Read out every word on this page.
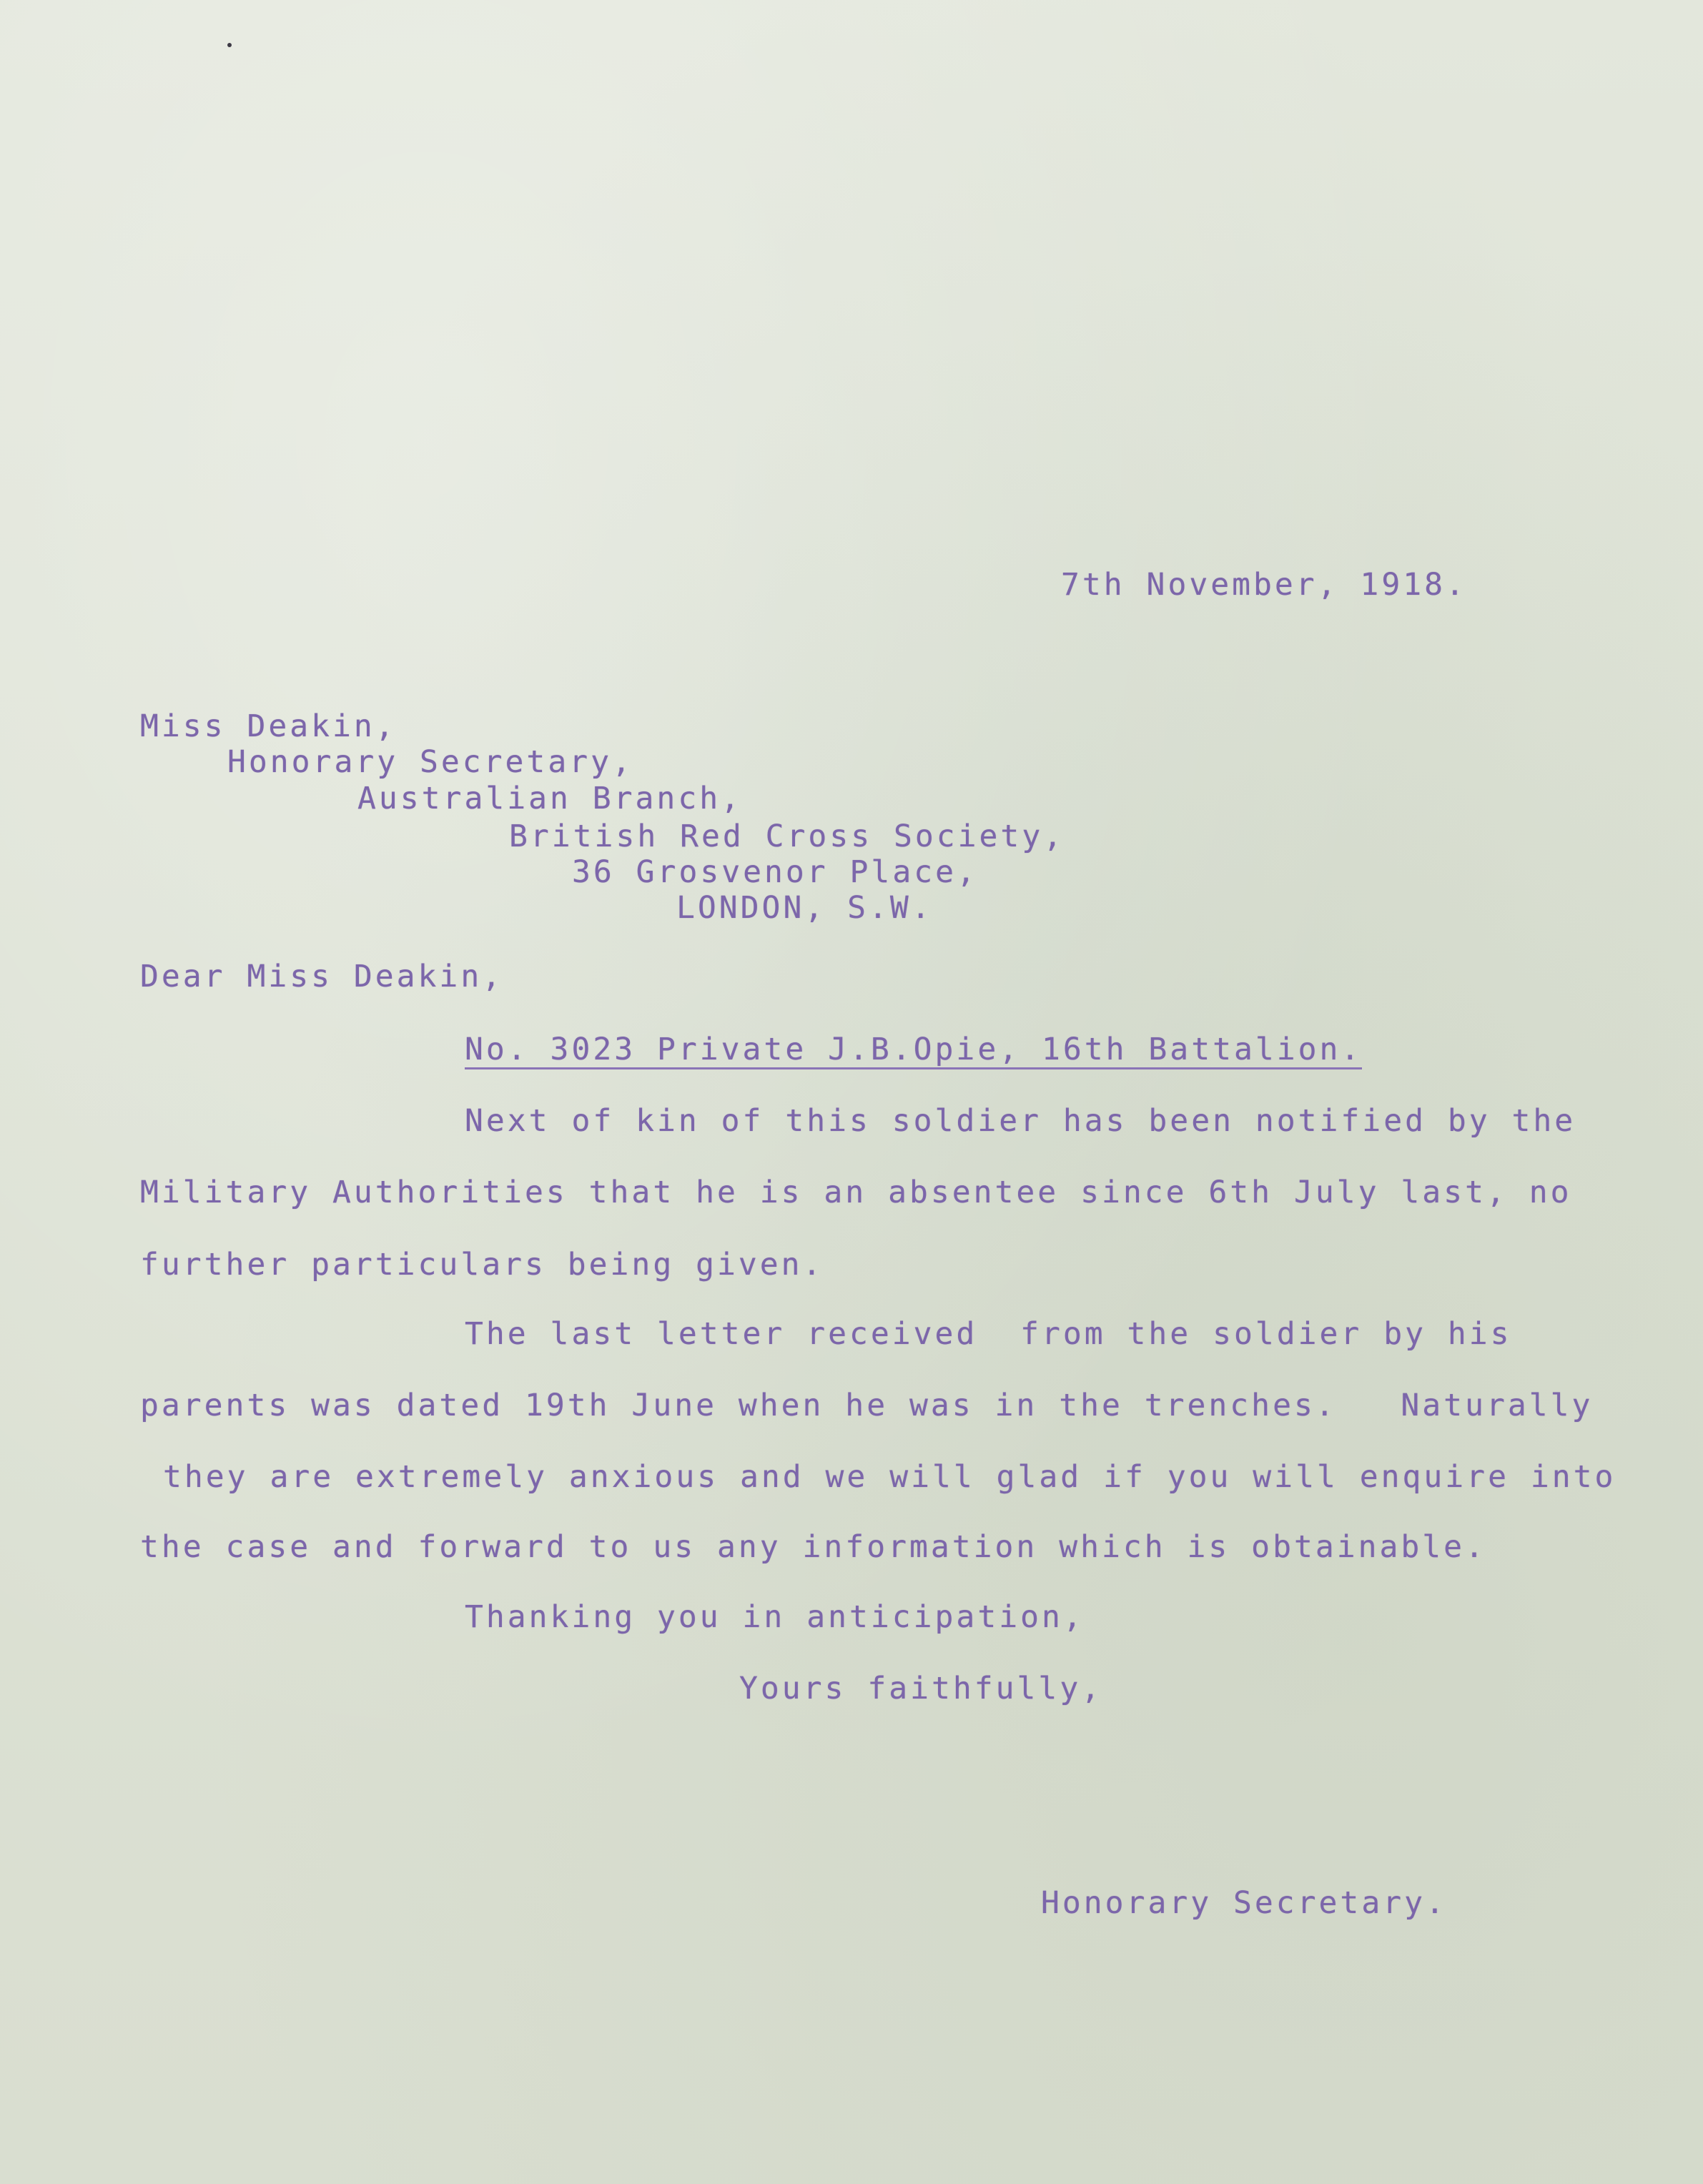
7th November, 1918.
Miss Deakin,
Honorary Secretary,
Australian Branch,
British Red Cross Society,
36 Grosvenor Place,
LONDON, S.W.
Dear Miss Deakin,
No. 3023 Private J.B.Opie, 16th Battalion.
Next of kin of this soldier has been notified by the
Military Authorities that he is an absentee since 6th July last, no
further particulars being given.
The last letter received  from the soldier by his
parents was dated 19th June when he was in the trenches.   Naturally
they are extremely anxious and we will glad if you will enquire into
the case and forward to us any information which is obtainable.
Thanking you in anticipation,
Yours faithfully,
Honorary Secretary.
